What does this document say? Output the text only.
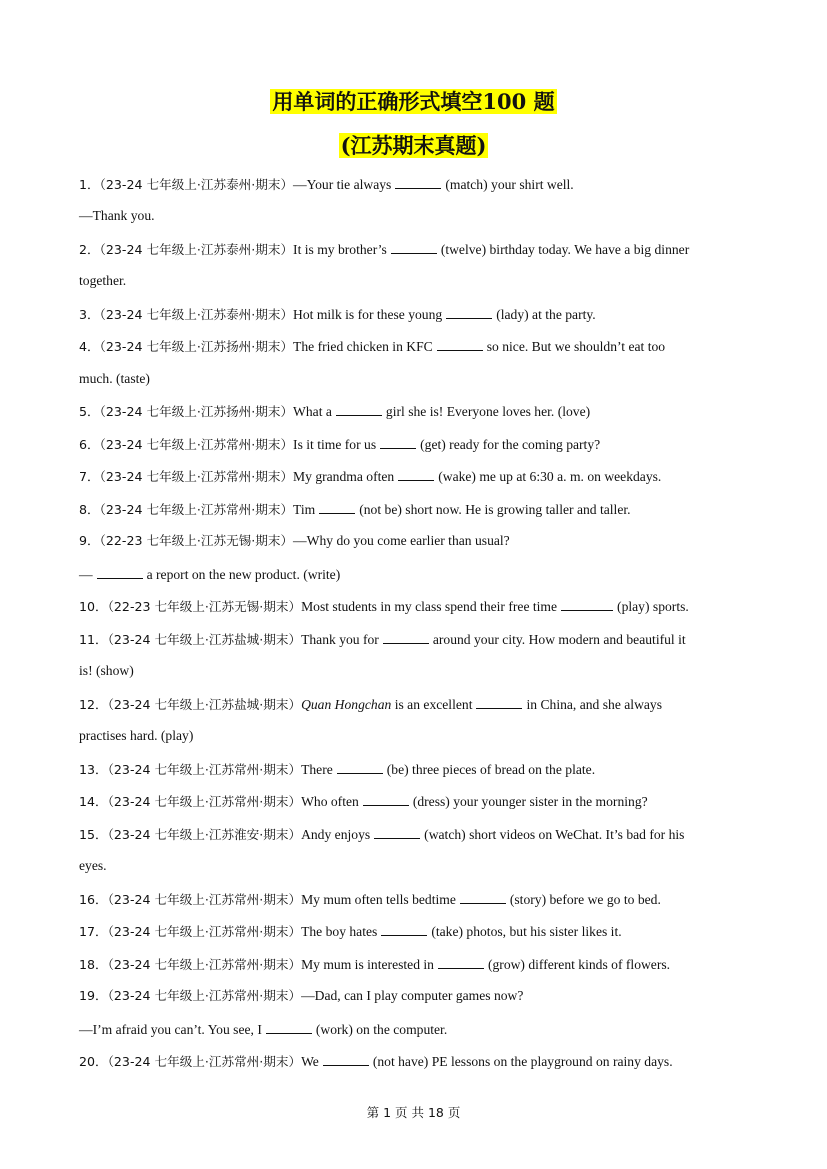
用单词的正确形式填空100 题
(江苏期末真题)
1．（23-24 七年级上·江苏泰州·期末）—Your tie always	(match) your shirt well.
—Thank you.
2．（23-24 七年级上·江苏泰州·期末）It is my brother’s	(twelve) birthday today. We have a big dinner
together.
3．（23-24 七年级上·江苏泰州·期末）Hot milk is for these young	(lady) at the party.
4．（23-24 七年级上·江苏扬州·期末）The fried chicken in KFC	so nice. But we shouldn’t eat too
much. (taste)
5．（23-24 七年级上·江苏扬州·期末）What a	girl she is! Everyone loves her. (love)
6．（23-24 七年级上·江苏常州·期末）Is it time for us	(get) ready for the coming party?
7．（23-24 七年级上·江苏常州·期末）My grandma often	(wake) me up at 6:30 a. m. on weekdays.
8．（23-24 七年级上·江苏常州·期末）Tim	(not be) short now. He is growing taller and taller.
9．（22-23 七年级上·江苏无锡·期末）—Why do you come earlier than usual?
—	a report on the new product. (write)
10．（22-23 七年级上·江苏无锡·期末）Most students in my class spend their free time	(play) sports.
11．（23-24 七年级上·江苏盐城·期末）Thank you for	around your city. How modern and beautiful it
is! (show)
12．（23-24 七年级上·江苏盐城·期末）Quan Hongchan is an excellent	in China, and she always
practises hard. (play)
13．（23-24 七年级上·江苏常州·期末）There	(be) three pieces of bread on the plate.
14．（23-24 七年级上·江苏常州·期末）Who often	(dress) your younger sister in the morning?
15．（23-24 七年级上·江苏淮安·期末）Andy enjoys	(watch) short videos on WeChat. It’s bad for his
eyes.
16．（23-24 七年级上·江苏常州·期末）My mum often tells bedtime	(story) before we go to bed.
17．（23-24 七年级上·江苏常州·期末）The boy hates	(take) photos, but his sister likes it.
18．（23-24 七年级上·江苏常州·期末）My mum is interested in	(grow) different kinds of flowers.
19．（23-24 七年级上·江苏常州·期末）—Dad, can I play computer games now?
—I’m afraid you can’t. You see, I	(work) on the computer.
20．（23-24 七年级上·江苏常州·期末）We	(not have) PE lessons on the playground on rainy days.
第 1 页 共 18 页
